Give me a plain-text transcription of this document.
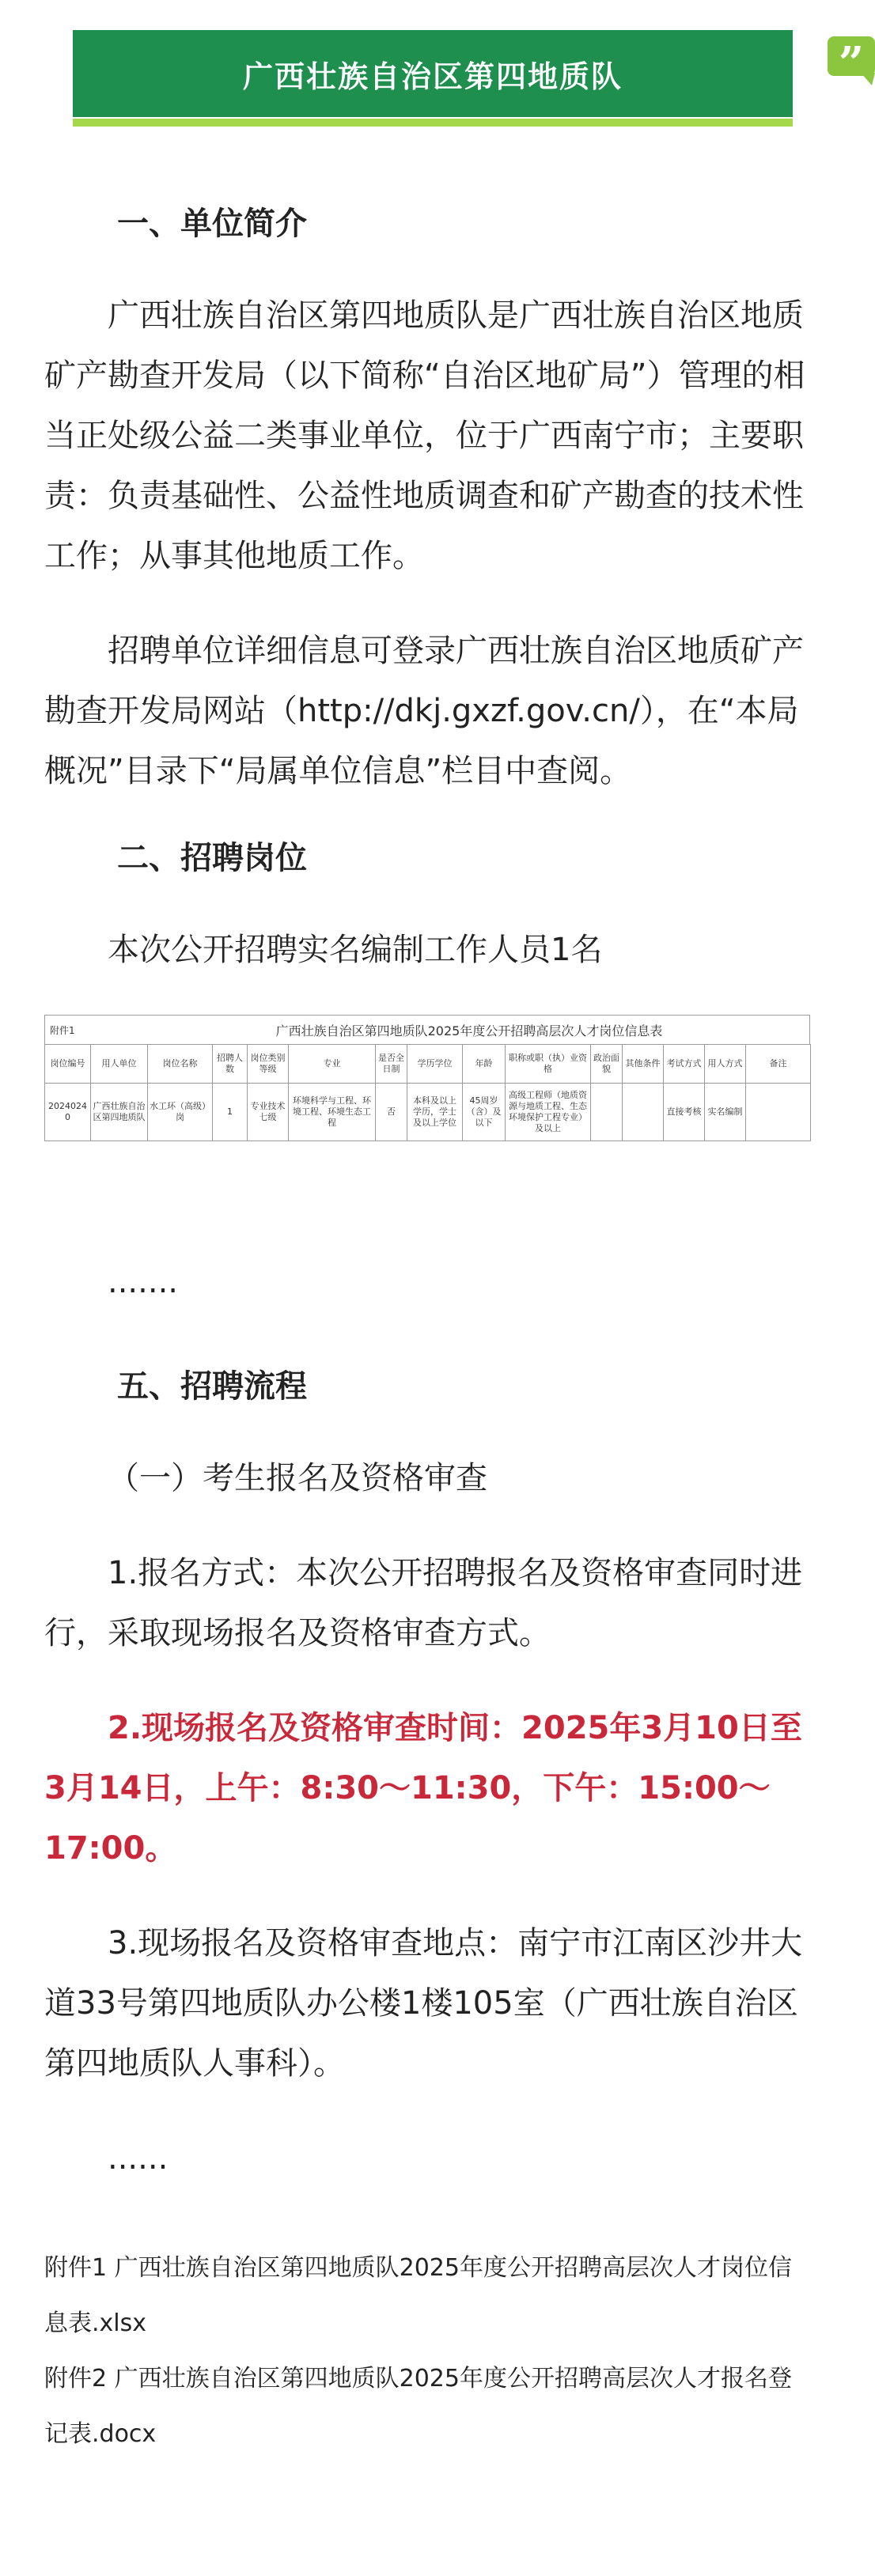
广西壮族自治区第四地质队	”
一、单位简介
广西壮族自治区第四地质队是广西壮族自治区地质矿产勘查开发局（以下简称“自治区地矿局”）管理的相当正处级公益二类事业单位，位于广西南宁市；主要职责：负责基础性、公益性地质调查和矿产勘查的技术性工作；从事其他地质工作。
招聘单位详细信息可登录广西壮族自治区地质矿产勘查开发局网站（http://dkj.gxzf.gov.cn/），在“本局概况”目录下“局属单位信息”栏目中查阅。
二、招聘岗位
本次公开招聘实名编制工作人员1名
附件1	广西壮族自治区第四地质队2025年度公开招聘高层次人才岗位信息表
岗位编号	用人单位	岗位名称	招聘人数	岗位类别等级	专业	是否全日制	学历学位	年龄	职称或职（执）业资格	政治面貌	其他条件	考试方式	用人方式	备注
20240240	广西壮族自治区第四地质队	水工环（高级）岗	1	专业技术七级	环境科学与工程、环境工程、环境生态工程	否	本科及以上学历，学士及以上学位	45周岁（含）及以下	高级工程师（地质资源与地质工程、生态环境保护工程专业）及以上			直接考核	实名编制	
.......
五、招聘流程
（一）考生报名及资格审查
1.报名方式：本次公开招聘报名及资格审查同时进行，采取现场报名及资格审查方式。
2.现场报名及资格审查时间：2025年3月10日至3月14日，上午：8:30～11:30，下午：15:00～17:00。
3.现场报名及资格审查地点：南宁市江南区沙井大道33号第四地质队办公楼1楼105室（广西壮族自治区第四地质队人事科）。
......

附件1 广西壮族自治区第四地质队2025年度公开招聘高层次人才岗位信息表.xlsx

附件2 广西壮族自治区第四地质队2025年度公开招聘高层次人才报名登记表.docx
